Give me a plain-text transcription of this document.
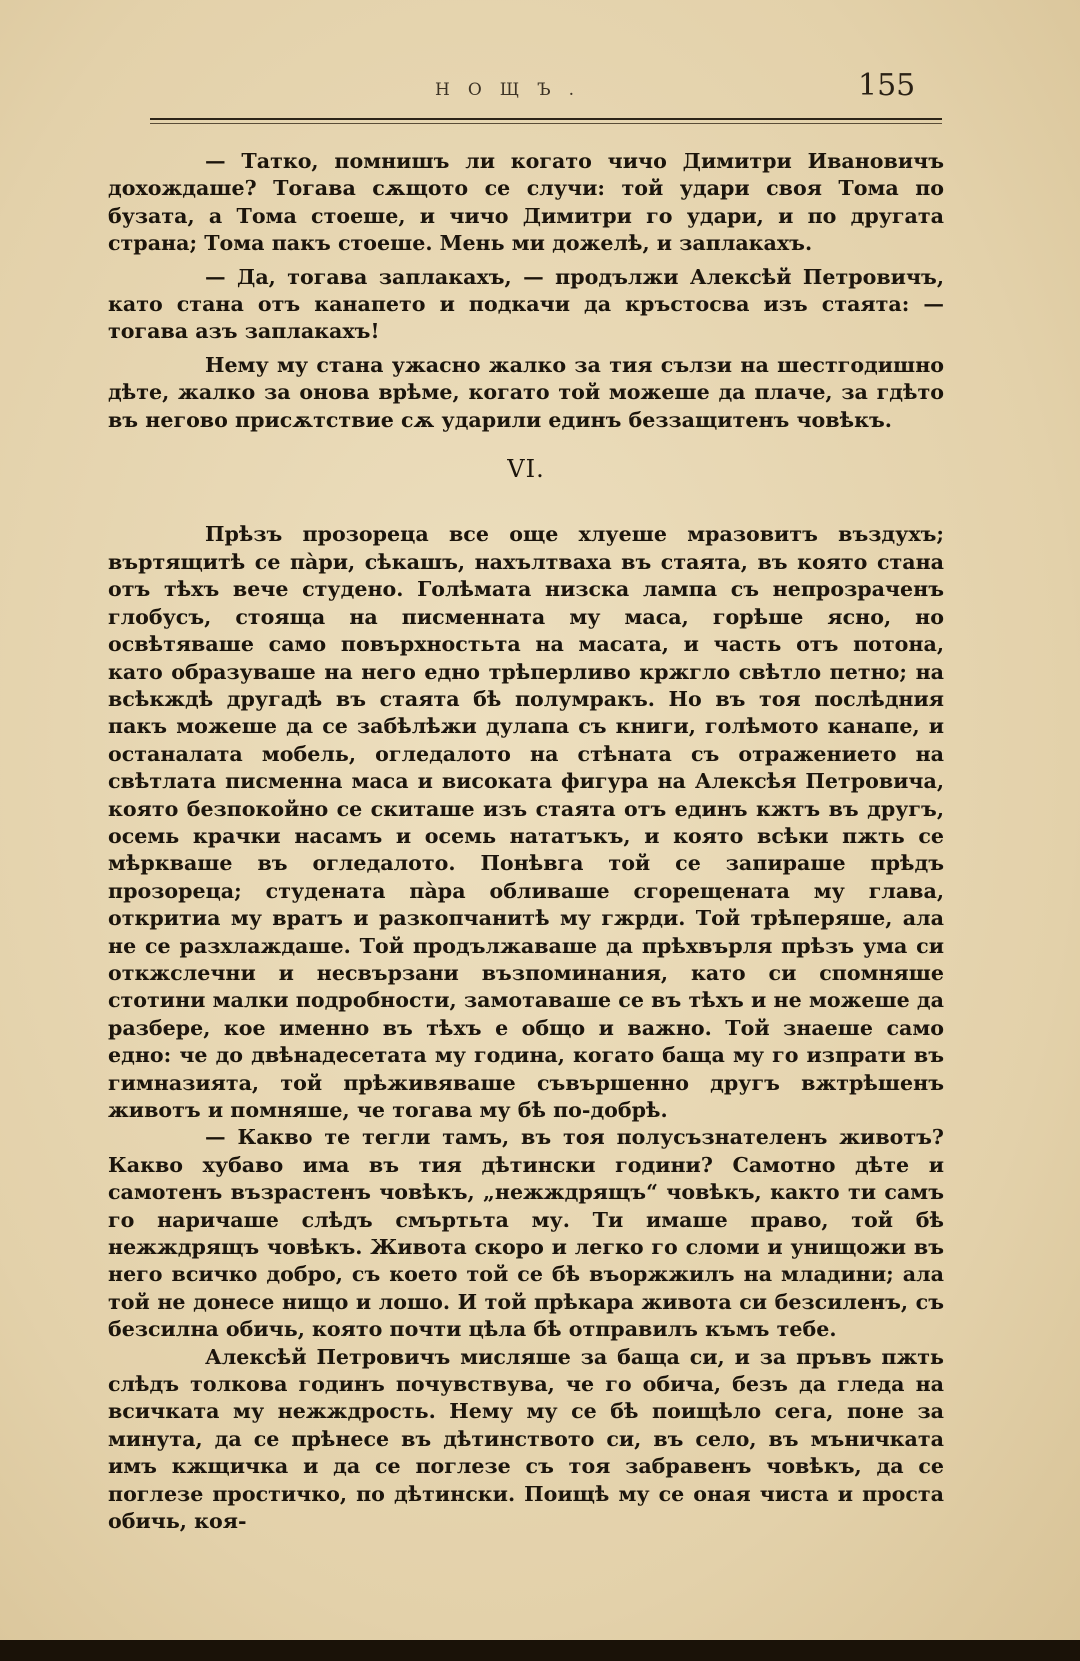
НОЩЪ.	155

— Татко, помнишъ ли когато чичо Димитри Ивановичъ дохождаше? Тогава сѫщото се случи: той удари своя Тома по бузата, а Тома стоеше, и чичо Димитри го удари, и по другата страна; Тома пакъ стоеше. Мень ми дожелѣ, и заплакахъ.

— Да, тогава заплакахъ, — продължи Алексѣй Петровичъ, като стана отъ канапето и подкачи да кръстосва изъ стаята: — тогава азъ заплакахъ!

Нему му стана ужасно жалко за тия сълзи на шестгодишно дѣте, жалко за онова врѣме, когато той можеше да плаче, за гдѣто въ негово присѫтствие сѫ ударили единъ беззащитенъ човѣкъ.

VI.

Прѣзъ прозореца все още хлуеше мразовитъ въздухъ; въртящитѣ се пàри, сѣкашъ, нахълтваха въ стаята, въ която стана отъ тѣхъ вече студено. Голѣмата низска лампа съ непрозраченъ глобусъ, стояща на писменната му маса, горѣше ясно, но освѣтяваше само повърхностьта на масата, и часть отъ потона, като образуваше на него едно трѣперливо кржгло свѣтло петно; на всѣкждѣ другадѣ въ стаята бѣ полумракъ. Но въ тоя послѣдния пакъ можеше да се забѣлѣжи дулапа съ книги, голѣмото канапе, и останалата мобель, огледалото на стѣната съ отражението на свѣтлата писменна маса и високата фигура на Алексѣя Петровича, която безпокойно се скиташе изъ стаята отъ единъ кжтъ въ другъ, осемь крачки насамъ и осемь нататъкъ, и която всѣки пжть се мѣркваше въ огледалото. Понѣвга той се запираше прѣдъ прозореца; студената пàра обливаше сгорещената му глава, откритиа му вратъ и разкопчанитѣ му гжрди. Той трѣперяше, ала не се разхлаждаше. Той продължаваше да прѣхвърля прѣзъ ума си откжслечни и несвързани възпоминания, като си спомняше стотини малки подробности, замотаваше се въ тѣхъ и не можеше да разбере, кое именно въ тѣхъ е общо и важно. Той знаеше само едно: че до двѣнадесетата му година, когато баща му го изпрати въ гимназията, той прѣживяваше съвършенно другъ вжтрѣшенъ животъ и помняше, че тогава му бѣ по-добрѣ.

— Какво те тегли тамъ, въ тоя полусъзнателенъ животъ? Какво хубаво има въ тия дѣтински години? Самотно дѣте и самотенъ възрастенъ човѣкъ, „нежждрящъ“ човѣкъ, както ти самъ го наричаше слѣдъ смъртьта му. Ти имаше право, той бѣ нежждрящъ човѣкъ. Живота скоро и легко го сломи и унищожи въ него всичко добро, съ което той се бѣ въоржжилъ на младини; ала той не донесе нищо и лошо. И той прѣкара живота си безсиленъ, съ безсилна обичь, която почти цѣла бѣ отправилъ къмъ тебе.

Алексѣй Петровичъ мисляше за баща си, и за пръвъ пжть слѣдъ толкова годинъ почувствува, че го обича, безъ да гледа на всичката му нежждрость. Нему му се бѣ поищѣло сега, поне за минута, да се прѣнесе въ дѣтинството си, въ село, въ мъничката имъ кжщичка и да се поглезе съ тоя забравенъ човѣкъ, да се поглезе простичко, по дѣтински. Поищѣ му се оная чиста и проста обичь, коя-
